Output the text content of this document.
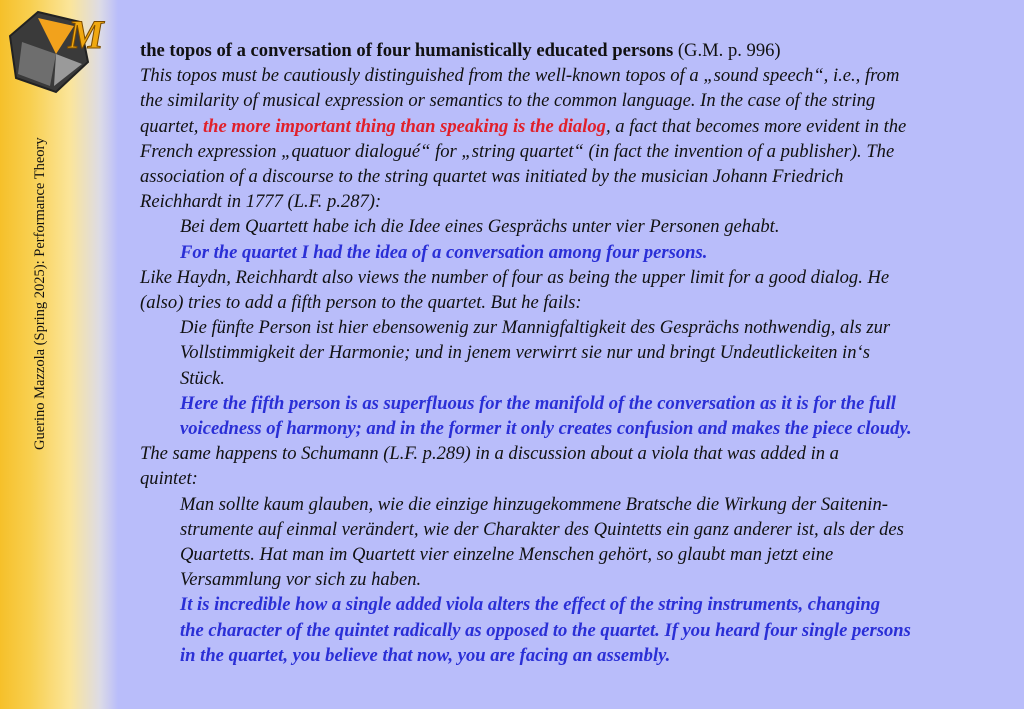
M
Guerino Mazzola (Spring 2025): Performance Theory
the topos of a conversation of four humanistically educated persons (G.M. p. 996)
This topos must be cautiously distinguished from the well-known topos of a „sound speech“, i.e., from
the similarity of musical expression or semantics to the common language. In the case of the string
quartet, the more important thing than speaking is the dialog, a fact that becomes more evident in the
French expression „quatuor dialogué“ for „string quartet“ (in fact the invention of a publisher). The
association of a discourse to the string quartet was initiated by the musician Johann Friedrich
Reichhardt in 1777 (L.F. p.287):
Bei dem Quartett habe ich die Idee eines Gesprächs unter vier Personen gehabt.
For the quartet I had the idea of a conversation among four persons.
Like Haydn, Reichhardt also views the number of four as being the upper limit for a good dialog. He
(also) tries to add a fifth person to the quartet. But he fails:
Die fünfte Person ist hier ebensowenig zur Mannigfaltigkeit des Gesprächs nothwendig, als zur
Vollstimmigkeit der Harmonie; und in jenem verwirrt sie nur und bringt Undeutlickeiten in‘s
Stück.
Here the fifth person is as superfluous for the manifold of the conversation as it is for the full
voicedness of harmony; and in the former it only creates confusion and makes the piece cloudy.
The same happens to Schumann (L.F. p.289) in a discussion about a viola that was added in a
quintet:
Man sollte kaum glauben, wie die einzige hinzugekommene Bratsche die Wirkung der Saitenin-
strumente auf einmal verändert, wie der Charakter des Quintetts ein ganz anderer ist, als der des
Quartetts. Hat man im Quartett vier einzelne Menschen gehört, so glaubt man jetzt eine
Versammlung vor sich zu haben.
It is incredible how a single added viola alters the effect of the string instruments, changing
the character of the quintet radically as opposed to the quartet. If you heard four single persons
in the quartet, you believe that now, you are facing an assembly.
